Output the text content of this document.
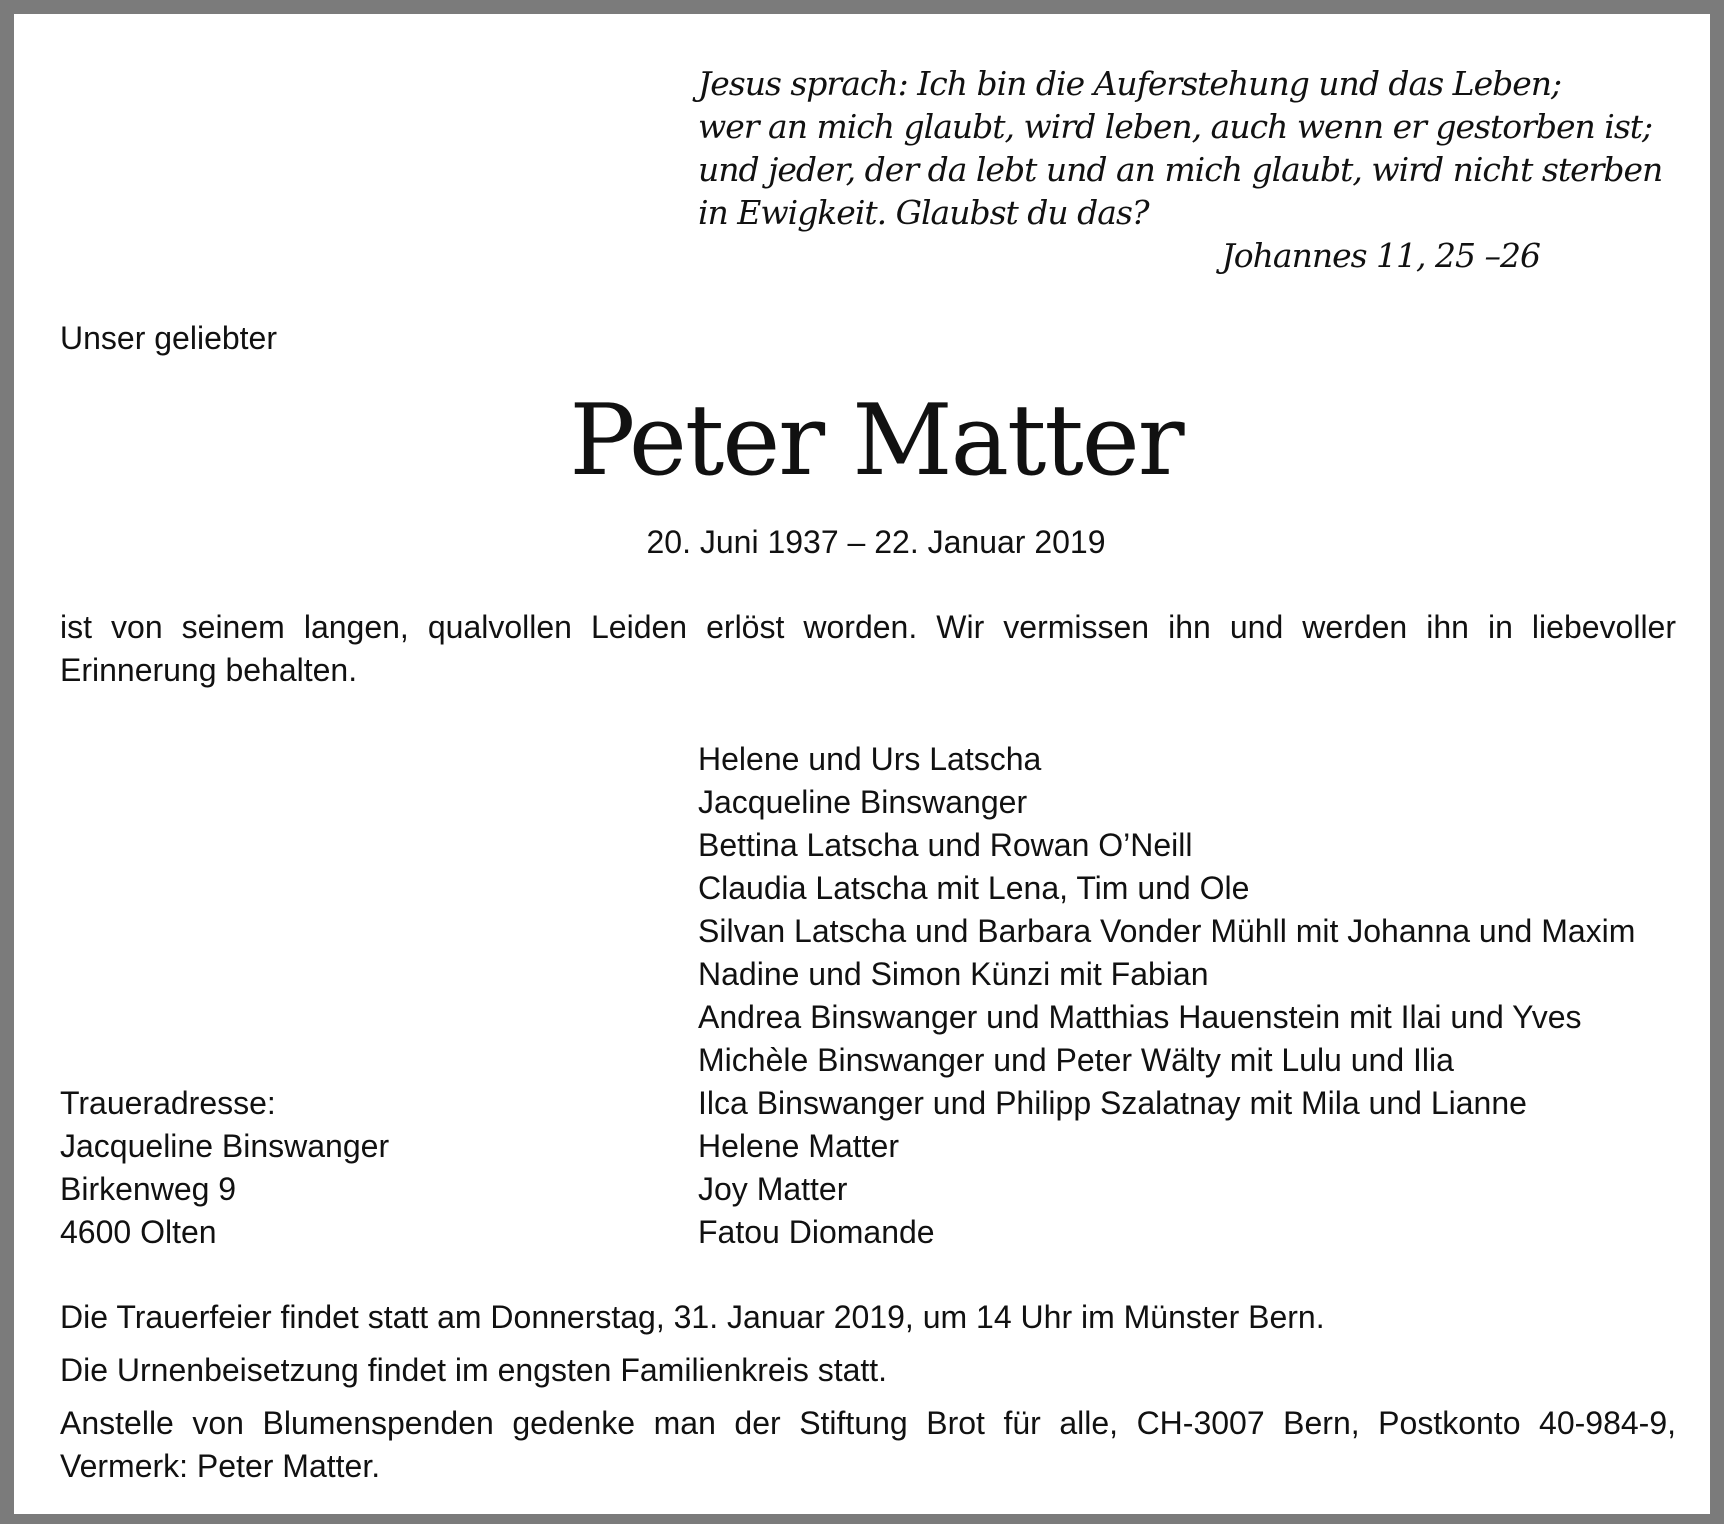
Jesus sprach: Ich bin die Auferstehung und das Leben;
wer an mich glaubt, wird leben, auch wenn er gestorben ist;
und jeder, der da lebt und an mich glaubt, wird nicht sterben
in Ewigkeit. Glaubst du das?
Johannes 11, 25 –26
Unser geliebter
Peter Matter
20. Juni 1937 – 22. Januar 2019
ist von seinem langen, qualvollen Leiden erlöst worden. Wir vermissen ihn und werden ihn in liebevoller Erinnerung behalten.
Helene und Urs Latscha
Jacqueline Binswanger
Bettina Latscha und Rowan O’Neill
Claudia Latscha mit Lena, Tim und Ole
Silvan Latscha und Barbara Vonder Mühll mit Johanna und Maxim
Nadine und Simon Künzi mit Fabian
Andrea Binswanger und Matthias Hauenstein mit Ilai und Yves
Michèle Binswanger und Peter Wälty mit Lulu und Ilia
Ilca Binswanger und Philipp Szalatnay mit Mila und Lianne
Helene Matter
Joy Matter
Fatou Diomande
Traueradresse:
Jacqueline Binswanger
Birkenweg 9
4600 Olten

Die Trauerfeier findet statt am Donnerstag, 31. Januar 2019, um 14 Uhr im Münster Bern.

Die Urnenbeisetzung findet im engsten Familienkreis statt.

Anstelle von Blumenspenden gedenke man der Stiftung Brot für alle, CH-3007 Bern, Postkonto 40-984-9, Vermerk: Peter Matter.
